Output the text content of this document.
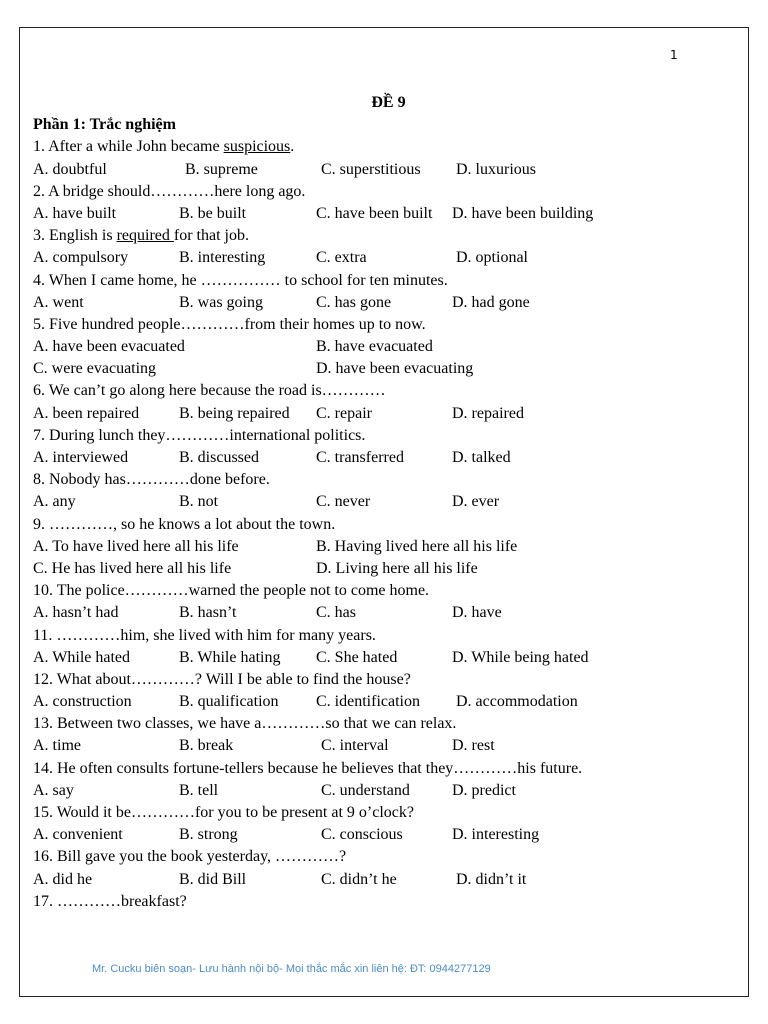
1
ĐỀ 9
Phần 1: Trắc nghiệm
1. After a while John became suspicious.
A. doubtful	B. supreme	C. superstitious D. luxurious
2. A bridge should…………here long ago.
A. have built	B. be built	C. have been built D. have been building
3. English is required for that job.
A. compulsory	B. interesting	C. extra	D. optional
4. When I came home, he …………… to school for ten minutes.
A. went	B. was going	C. has gone	D. had gone
5. Five hundred people…………from their homes up to now.
A. have been evacuated	B. have evacuated
C. were evacuating	D. have been evacuating
6. We can’t go along here because the road is…………
A. been repaired B. being repaired C. repair	D. repaired
7. During lunch they…………international politics.
A. interviewed	B. discussed	C. transferred	D. talked
8. Nobody has…………done before.
A. any	B. not	C. never	D. ever
9. …………, so he knows a lot about the town.
A. To have lived here all his life	B. Having lived here all his life
C. He has lived here all his life	D. Living here all his life
10. The police…………warned the people not to come home.
A. hasn’t had	B. hasn’t	C. has	D. have
11. …………him, she lived with him for many years.
A. While hated	B. While hating C. She hated	D. While being hated
12. What about…………? Will I be able to find the house?
A. construction	B. qualification C. identification D. accommodation
13. Between two classes, we have a…………so that we can relax.
A. time	B. break	C. interval	D. rest
14. He often consults fortune-tellers because he believes that they…………his future.
A. say	B. tell	C. understand	D. predict
15. Would it be…………for you to be present at 9 o’clock?
A. convenient	B. strong	C. conscious	D. interesting
16. Bill gave you the book yesterday, …………?
A. did he	B. did Bill	C. didn’t he	D. didn’t it
17. …………breakfast?
Mr. Cucku biên soạn- Lưu hành nội bộ- Mọi thắc mắc xin liên hệ: ĐT: 0944277129
